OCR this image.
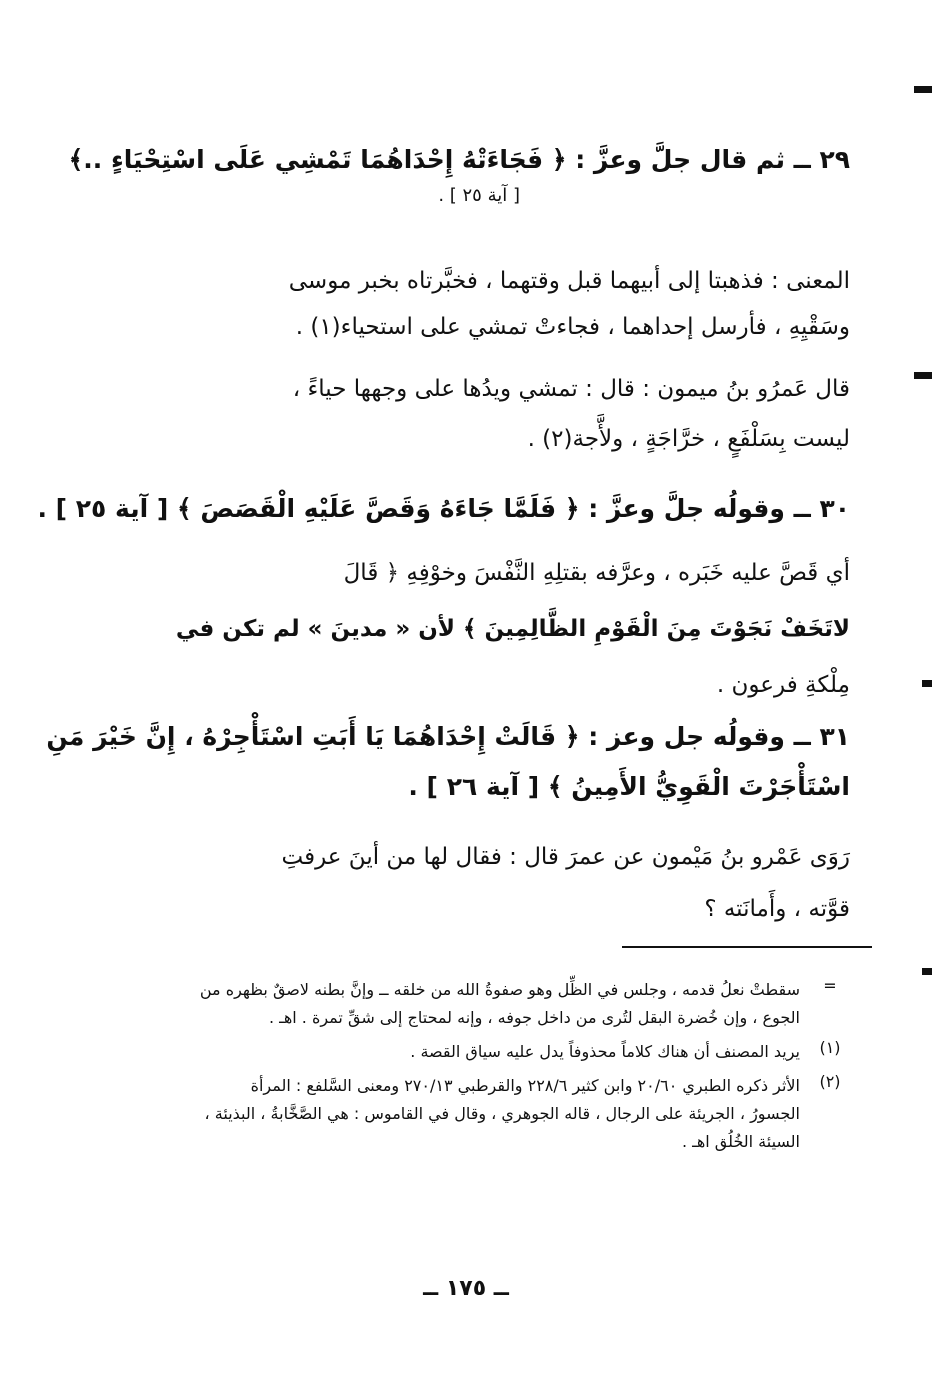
٢٩ ــ ثم قال جلَّ وعزَّ : ﴿ فَجَاءَتْهُ إِحْدَاهُمَا تَمْشِي عَلَى اسْتِحْيَاءٍ ..﴾
[ آية ٢٥ ] .
المعنى : فذهبتا إلى أبيهما قبل وقتهما ، فخبَّرتاه بخبر موسى
وسَقْيِهِ ، فأرسل إحداهما ، فجاءتْ تمشي على استحياء(١) .
قال عَمرُو بنُ ميمون : قال : تمشي ويدُها على وجهها حياءً ،
ليست بِسَلْفَعٍ ، خرَّاجَةٍ ، ولأَّجة(٢) .
٣٠ ــ وقولُه جلَّ وعزَّ : ﴿ فَلَمَّا جَاءَهُ وَقَصَّ عَلَيْهِ الْقَصَصَ ﴾ [ آية ٢٥ ] .
أي قَصَّ عليه خَبَره ، وعرَّفه بقتلِهِ النَّفْسَ وخوْفِهِ ﴿ قَالَ
لاتَخَفْ نَجَوْتَ مِنَ الْقَوْمِ الظَّالِمِينَ ﴾ لأن « مدينَ » لم تكن في
مِلْكةِ فرعون .
٣١ ــ وقولُه جل وعز : ﴿ قَالَتْ إِحْدَاهُمَا يَا أَبَتِ اسْتَأْجِرْهُ ، إِنَّ خَيْرَ مَنِ
اسْتَأْجَرْتَ الْقَوِيُّ الأَمِينُ ﴾ [ آية ٢٦ ] .
رَوَى عَمْرو بنُ مَيْمون عن عمرَ قال : فقال لها من أينَ عرفتِ
قوَّته ، وأَمانَته ؟
=
سقطتْ نعلُ قدمه ، وجلس في الظِّل وهو صفوةُ الله من خلقه ــ وإنَّ بطنه لاصقٌ بظهره من
الجوع ، وإن خُضرة البقل لتُرى من داخل جوفه ، وإنه لمحتاج إلى شقِّ تمرة . اهـ .
(١)
يريد المصنف أن هناك كلاماً محذوفاً يدل عليه سياق القصة .
(٢)
الأثر ذكره الطبري ٢٠/٦٠ وابن كثير ٢٢٨/٦ والقرطبي ٢٧٠/١٣ ومعنى السَّلفع : المرأة
الجسورُ ، الجريئة على الرجال ، قاله الجوهري ، وقال في القاموس : هي الصَّخَّابةُ ، البذيئة ،
السيئة الخُلُق اهـ .
ــ ١٧٥ ــ
